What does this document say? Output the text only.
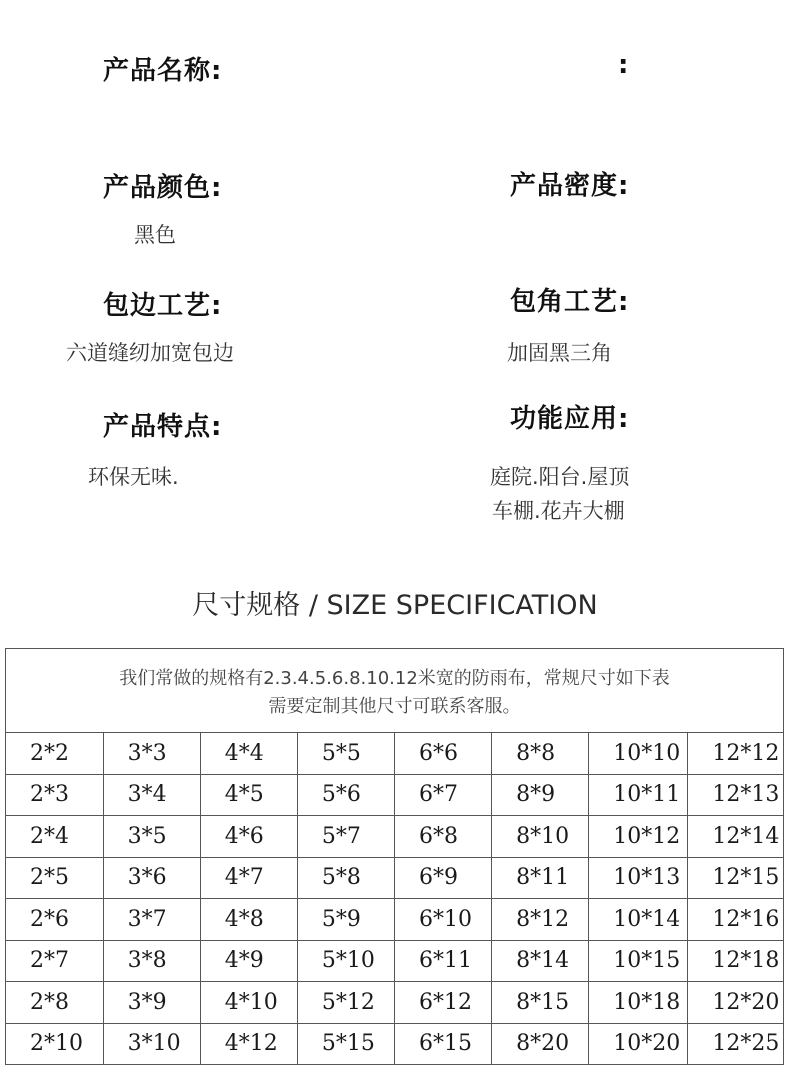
产品名称:	:
产品颜色:
黑色
产品密度:
包边工艺:
六道缝纫加宽包边
包角工艺:
加固黑三角
产品特点:
环保无味.
功能应用:
庭院.阳台.屋顶
车棚.花卉大棚
尺寸规格 / SIZE SPECIFICATION
我们常做的规格有2.3.4.5.6.8.10.12米宽的防雨布，常规尺寸如下表
需要定制其他尺寸可联系客服。
2*2	3*3	4*4	5*5	6*6	8*8	10*10	12*12
2*3	3*4	4*5	5*6	6*7	8*9	10*11	12*13
2*4	3*5	4*6	5*7	6*8	8*10	10*12	12*14
2*5	3*6	4*7	5*8	6*9	8*11	10*13	12*15
2*6	3*7	4*8	5*9	6*10	8*12	10*14	12*16
2*7	3*8	4*9	5*10	6*11	8*14	10*15	12*18
2*8	3*9	4*10	5*12	6*12	8*15	10*18	12*20
2*10	3*10	4*12	5*15	6*15	8*20	10*20	12*25
